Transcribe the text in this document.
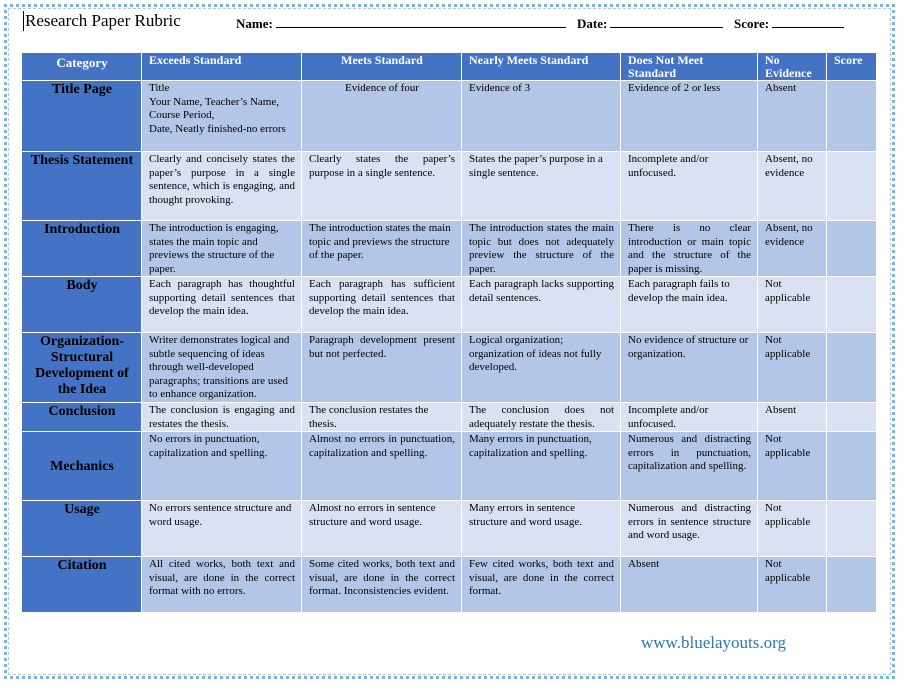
Research Paper Rubric	Name:	Date:	Score:
Category	Exceeds Standard	Meets Standard	Nearly Meets Standard	Does Not Meet Standard	No Evidence	Score
Title Page	Title
Your Name, Teacher’s Name, Course Period,
Date, Neatly finished-no errors	Evidence of four	Evidence of 3	Evidence of 2 or less	Absent	
Thesis Statement	Clearly and concisely states the paper’s purpose in a single sentence, which is engaging, and thought provoking.	Clearly states the paper’s purpose in a single sentence.	States the paper’s purpose in a single sentence.	Incomplete and/or unfocused.	Absent, no evidence	
Introduction	The introduction is engaging, states the main topic and previews the structure of the paper.	The introduction states the main topic and previews the structure of the paper.	The introduction states the main topic but does not adequately preview the structure of the paper.	There is no clear introduction or main topic and the structure of the paper is missing.	Absent, no evidence	
Body	Each paragraph has thoughtful supporting detail sentences that develop the main idea.	Each paragraph has sufficient supporting detail sentences that develop the main idea.	Each paragraph lacks supporting detail sentences.	Each paragraph fails to develop the main idea.	Not applicable	
Organization-Structural Development of the Idea	Writer demonstrates logical and subtle sequencing of ideas through well-developed paragraphs; transitions are used to enhance organization.	Paragraph development present but not perfected.	Logical organization; organization of ideas not fully developed.	No evidence of structure or organization.	Not applicable	
Conclusion	The conclusion is engaging and restates the thesis.	The conclusion restates the thesis.	The conclusion does not adequately restate the thesis.	Incomplete and/or unfocused.	Absent	
Mechanics	No errors in punctuation, capitalization and spelling.	Almost no errors in punctuation, capitalization and spelling.	Many errors in punctuation, capitalization and spelling.	Numerous and distracting errors in punctuation, capitalization and spelling.	Not applicable	
Usage	No errors sentence structure and word usage.	Almost no errors in sentence structure and word usage.	Many errors in sentence structure and word usage.	Numerous and distracting errors in sentence structure and word usage.	Not applicable	
Citation	All cited works, both text and visual, are done in the correct format with no errors.	Some cited works, both text and visual, are done in the correct format. Inconsistencies evident.	Few cited works, both text and visual, are done in the correct format.	Absent	Not applicable	
www.bluelayouts.org
